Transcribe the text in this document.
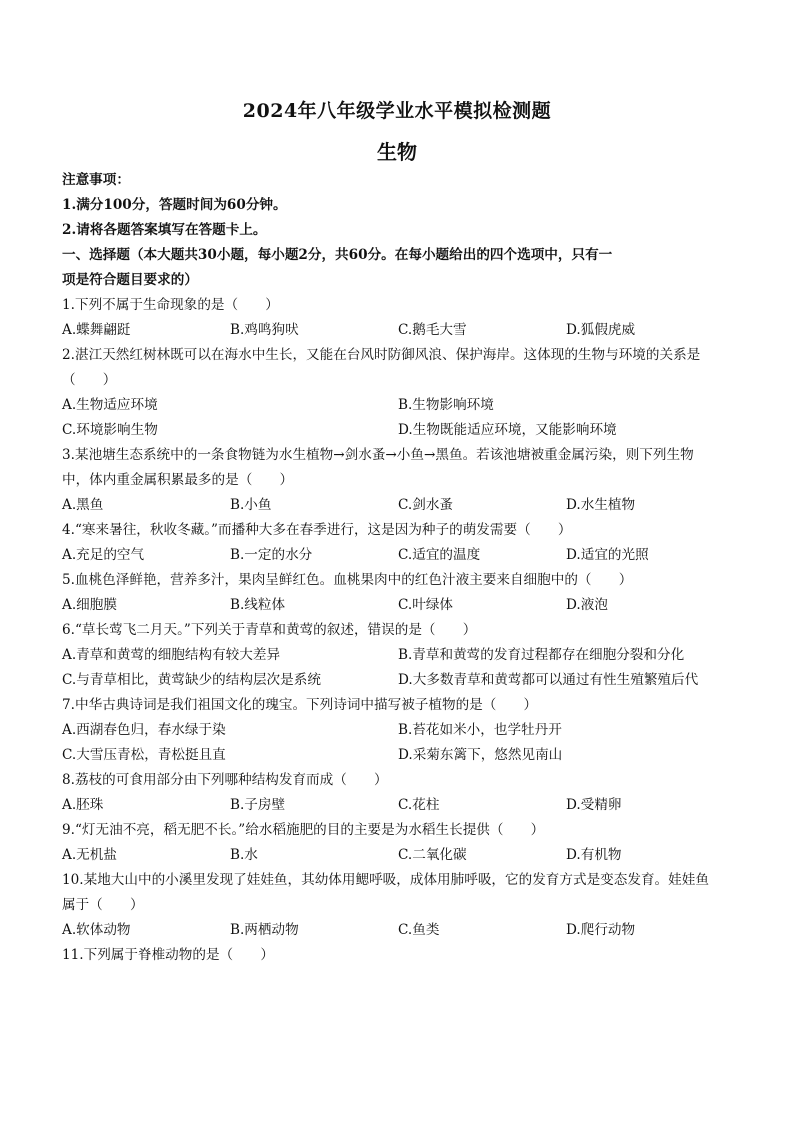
2024年八年级学业水平模拟检测题
生物
注意事项：
1.满分100分，答题时间为60分钟。
2.请将各题答案填写在答题卡上。
一、选择题（本大题共30小题，每小题2分，共60分。在每小题给出的四个选项中，只有一
项是符合题目要求的）
1.下列不属于生命现象的是（　　）
A.蝶舞翩跹	B.鸡鸣狗吠	C.鹅毛大雪	D.狐假虎威
2.湛江天然红树林既可以在海水中生长，又能在台风时防御风浪、保护海岸。这体现的生物与环境的关系是
（　　）
A.生物适应环境	B.生物影响环境
C.环境影响生物	D.生物既能适应环境，又能影响环境
3.某池塘生态系统中的一条食物链为水生植物→剑水蚤→小鱼→黑鱼。若该池塘被重金属污染，则下列生物
中，体内重金属积累最多的是（　　）
A.黑鱼	B.小鱼	C.剑水蚤	D.水生植物
4.“寒来暑往，秋收冬藏。”而播种大多在春季进行，这是因为种子的萌发需要（　　）
A.充足的空气	B.一定的水分	C.适宜的温度	D.适宜的光照
5.血桃色泽鲜艳，营养多汁，果肉呈鲜红色。血桃果肉中的红色汁液主要来自细胞中的（　　）
A.细胞膜	B.线粒体	C.叶绿体	D.液泡
6.“草长莺飞二月天。”下列关于青草和黄莺的叙述，错误的是（　　）
A.青草和黄莺的细胞结构有较大差异	B.青草和黄莺的发育过程都存在细胞分裂和分化
C.与青草相比，黄莺缺少的结构层次是系统	D.大多数青草和黄莺都可以通过有性生殖繁殖后代
7.中华古典诗词是我们祖国文化的瑰宝。下列诗词中描写被子植物的是（　　）
A.西湖春色归，春水绿于染	B.苔花如米小，也学牡丹开
C.大雪压青松，青松挺且直	D.采菊东篱下，悠然见南山
8.荔枝的可食用部分由下列哪种结构发育而成（　　）
A.胚珠	B.子房壁	C.花柱	D.受精卵
9.“灯无油不亮，稻无肥不长。”给水稻施肥的目的主要是为水稻生长提供（　　）
A.无机盐	B.水	C.二氧化碳	D.有机物
10.某地大山中的小溪里发现了娃娃鱼，其幼体用鳃呼吸，成体用肺呼吸，它的发育方式是变态发育。娃娃鱼
属于（　　）
A.软体动物	B.两栖动物	C.鱼类	D.爬行动物
11.下列属于脊椎动物的是（　　）
